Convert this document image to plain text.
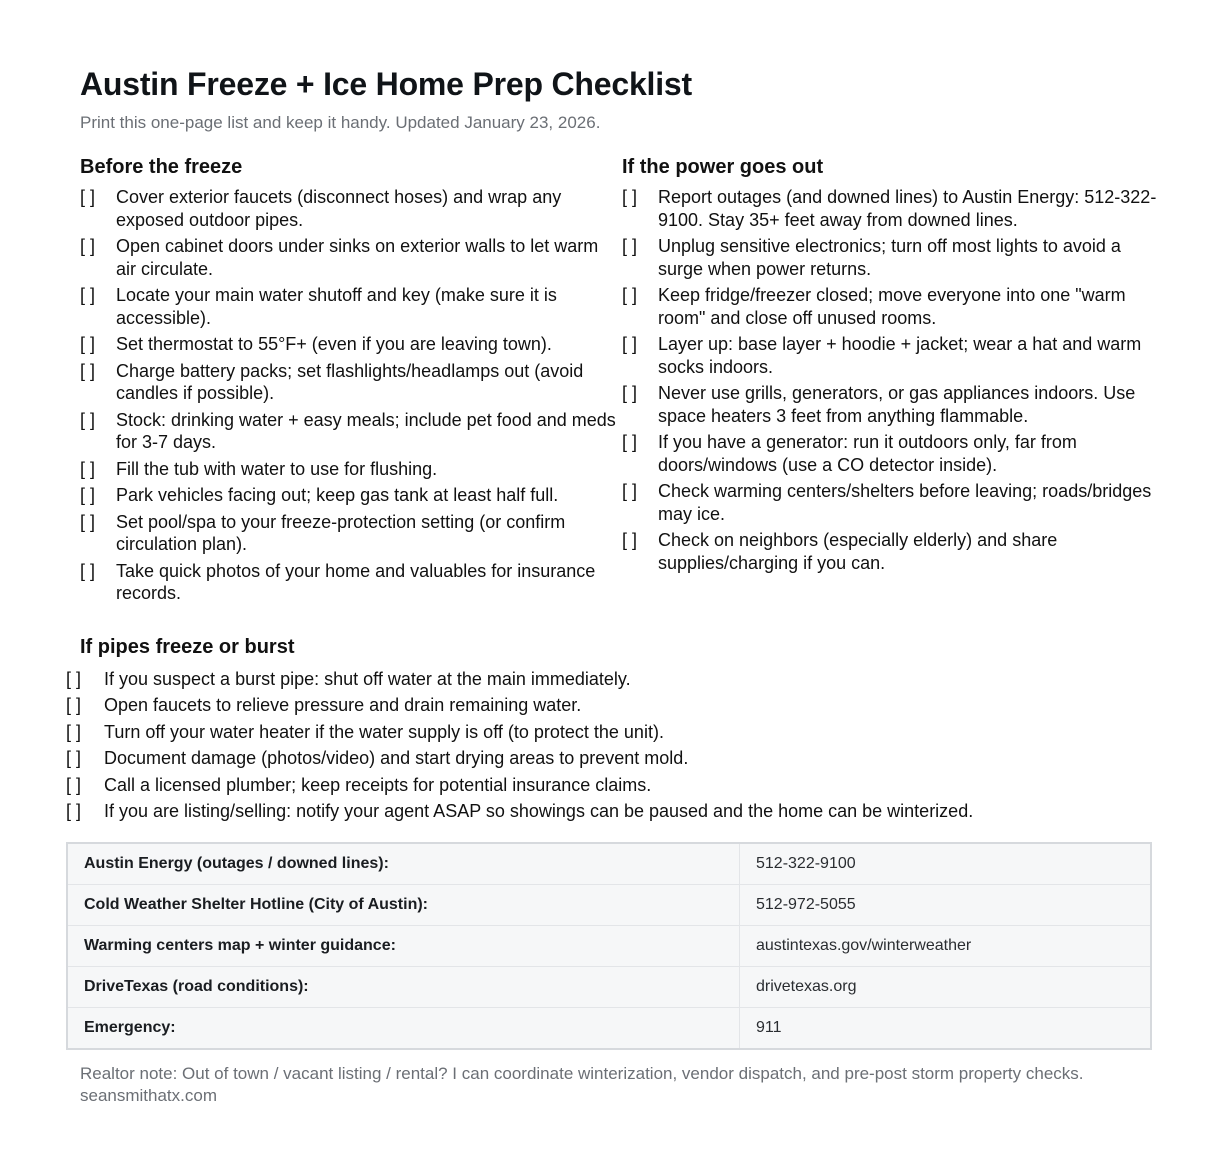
Austin Freeze + Ice Home Prep Checklist

Print this one-page list and keep it handy. Updated January 23, 2026.

Before the freeze
[ ]	Cover exterior faucets (disconnect hoses) and wrap any exposed outdoor pipes.
[ ]	Open cabinet doors under sinks on exterior walls to let warm air circulate.
[ ]	Locate your main water shutoff and key (make sure it is accessible).
[ ]	Set thermostat to 55°F+ (even if you are leaving town).
[ ]	Charge battery packs; set flashlights/headlamps out (avoid candles if possible).
[ ]	Stock: drinking water + easy meals; include pet food and meds for 3-7 days.
[ ]	Fill the tub with water to use for flushing.
[ ]	Park vehicles facing out; keep gas tank at least half full.
[ ]	Set pool/spa to your freeze-protection setting (or confirm circulation plan).
[ ]	Take quick photos of your home and valuables for insurance records.
If the power goes out
[ ]	Report outages (and downed lines) to Austin Energy: 512-322-9100. Stay 35+ feet away from downed lines.
[ ]	Unplug sensitive electronics; turn off most lights to avoid a surge when power returns.
[ ]	Keep fridge/freezer closed; move everyone into one "warm room" and close off unused rooms.
[ ]	Layer up: base layer + hoodie + jacket; wear a hat and warm socks indoors.
[ ]	Never use grills, generators, or gas appliances indoors. Use space heaters 3 feet from anything flammable.
[ ]	If you have a generator: run it outdoors only, far from doors/windows (use a CO detector inside).
[ ]	Check warming centers/shelters before leaving; roads/bridges may ice.
[ ]	Check on neighbors (especially elderly) and share supplies/charging if you can.
If pipes freeze or burst
[ ]	If you suspect a burst pipe: shut off water at the main immediately.
[ ]	Open faucets to relieve pressure and drain remaining water.
[ ]	Turn off your water heater if the water supply is off (to protect the unit).
[ ]	Document damage (photos/video) and start drying areas to prevent mold.
[ ]	Call a licensed plumber; keep receipts for potential insurance claims.
[ ]	If you are listing/selling: notify your agent ASAP so showings can be paused and the home can be winterized.
Austin Energy (outages / downed lines):	512-322-9100
Cold Weather Shelter Hotline (City of Austin):	512-972-5055
Warming centers map + winter guidance:	austintexas.gov/winterweather
DriveTexas (road conditions):	drivetexas.org
Emergency:	911

Realtor note: Out of town / vacant listing / rental? I can coordinate winterization, vendor dispatch, and pre-post storm property checks. seansmithatx.com
